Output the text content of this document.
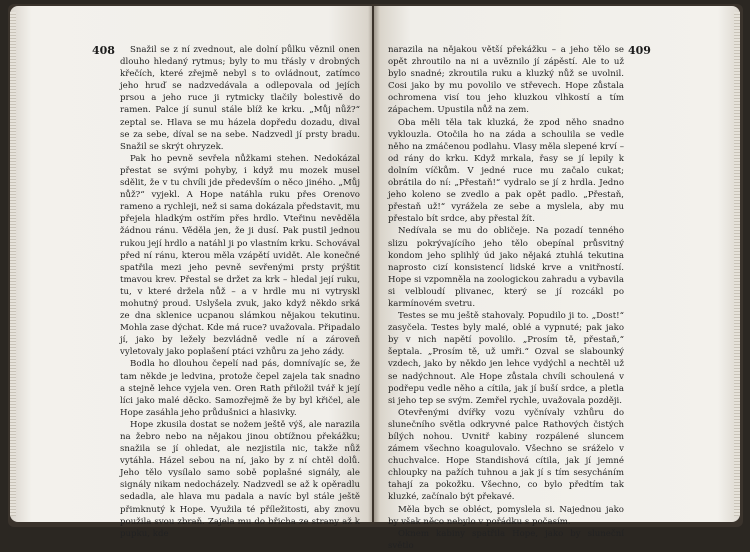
408	Snažil se z ní zvednout, ale dolní půlku věznil onen dlouho hledaný rytmus; byly to mu třásly v drobných křečích, které zřejmě nebyl s to ovládnout, zatímco jeho hruď se nadzvedávala a odlepovala od jejích prsou a jeho ruce ji rytmicky tlačily bolestivě do ramen. Palce jí sunul stále blíž ke krku. „Můj nůž?“ zeptal se. Hlava se mu házela dopředu dozadu, dival se za sebe, díval se na sebe. Nadzvedl jí prsty bradu. Snažil se skrýt ohryzek.

Pak ho pevně sevřela nůžkami stehen. Nedokázal přestat se svými pohyby, i když mu mozek musel sdělit, že v tu chvíli jde především o něco jiného. „Můj nůž?“ vyjekl. A Hope natáhla ruku přes Orenovo rameno a rychleji, než si sama dokázala představit, mu přejela hladkým ostřím přes hrdlo. Vteřinu nevěděla žádnou ránu. Věděla jen, že ji dusí. Pak pustil jednou rukou její hrdlo a natáhl ji po vlastním krku. Schovával před ní ránu, kterou měla vzápětí uvidět. Ale konečné spatřila mezi jeho pevně sevřenými prsty prýštit tmavou krev. Přestal se držet za krk – hledal její ruku, tu, v které držela nůž – a v hrdle mu ni vytryskl mohutný proud. Uslyšela zvuk, jako když někdo srká ze dna sklenice ucpanou slámkou nějakou tekutinu. Mohla zase dýchat. Kde má ruce? uvažovala. Připadalo jí, jako by ležely bezvládně vedle ní a zároveň vyletovaly jako poplašení ptáci vzhůru za jeho zády.

Bodla ho dlouhou čepelí nad pás, domnívajíc se, že tam někde je ledvina, protože čepel zajela tak snadno a stejně lehce vyjela ven. Oren Rath přiložil tvář k její líci jako malé děcko. Samozřejmě že by byl křičel, ale Hope zasáhla jeho průdušnici a hlasivky.

Hope zkusila dostat se nožem ještě výš, ale narazila na žebro nebo na nějakou jinou obtížnou překážku; snažila se jí ohledat, ale nezjistila nic, takže nůž vytáhla. Házel sebou na ní, jako by z ní chtěl dolů. Jeho tělo vysílalo samo sobě poplašné signály, ale signály nikam nedocházely. Nadzvedl se až k opěradlu sedadla, ale hlava mu padala a navíc byl stále ještě přimknutý k Hope. Využila té příležitosti, aby znovu použila svou zbraň. Zajela mu do břicha ze strany až k pupku, kde

409

narazila na nějakou větší překážku – a jeho tělo se opět zhroutilo na ni a uvěznilo jí zápěstí. Ale to už bylo snadné; zkroutila ruku a kluzký nůž se uvolnil. Cosi jako by mu povolilo ve střevech. Hope zůstala ochromena visí tou jeho kluzkou vlhkostí a tím zápachem. Upustila nůž na zem.

Oba měli těla tak kluzká, že zpod něho snadno vyklouzla. Otočila ho na záda a schoulila se vedle něho na zmáčenou podlahu. Vlasy měla slepené krví – od rány do krku. Když mrkala, řasy se jí lepily k dolním víčkům. V jedné ruce mu začalo cukat; obrátila do ní: „Přestaň!“ vydralo se jí z hrdla. Jedno jeho koleno se zvedlo a pak opět padlo. „Přestaň, přestaň už!“ vyrážela ze sebe a myslela, aby mu přestalo bít srdce, aby přestal žít.

Nedívala se mu do obličeje. Na pozadí tenného slizu pokrývajícího jeho tělo obepínal průsvitný kondom jeho splihlý úd jako nějaká ztuhlá tekutina naprosto cizí konsistencí lidské krve a vnitřností. Hope si vzpomněla na zoologickou zahradu a vybavila si velbloudí plivanec, který se jí rozcákl po karmínovém svetru.

Testes se mu ještě stahovaly. Popudilo ji to. „Dost!“ zasyčela. Testes byly malé, oblé a vypnuté; pak jako by v nich napětí povolilo. „Prosím tě, přestaň,“ šeptala. „Prosím tě, už umři.“ Ozval se slabounký vzdech, jako by někdo jen lehce vydýchl a nechtěl už se nadýchnout. Ale Hope zůstala chvíli schoulená v podřepu vedle něho a cítila, jak jí buší srdce, a pletla si jeho tep se svým. Zemřel rychle, uvažovala později.

Otevřenými dvířky vozu vyčnívaly vzhůru do slunečního světla odkryvné palce Rathových čistých bílých nohou. Uvnitř kabiny rozpálené sluncem zámem všechno koagulovalo. Všechno se sráželo v chuchvalce. Hope Standishová cítila, jak jí jemné chloupky na pažích tuhnou a jak jí s tím sesycháním tahají za pokožku. Všechno, co bylo předtím tak kluzké, začínalo být překavé.

Měla bych se obléct, pomyslela si. Najednou jako by však něco nebylo v pořádku s počasím.

Oknem kabiny spatřila Hope, jako by sluneční světlo
